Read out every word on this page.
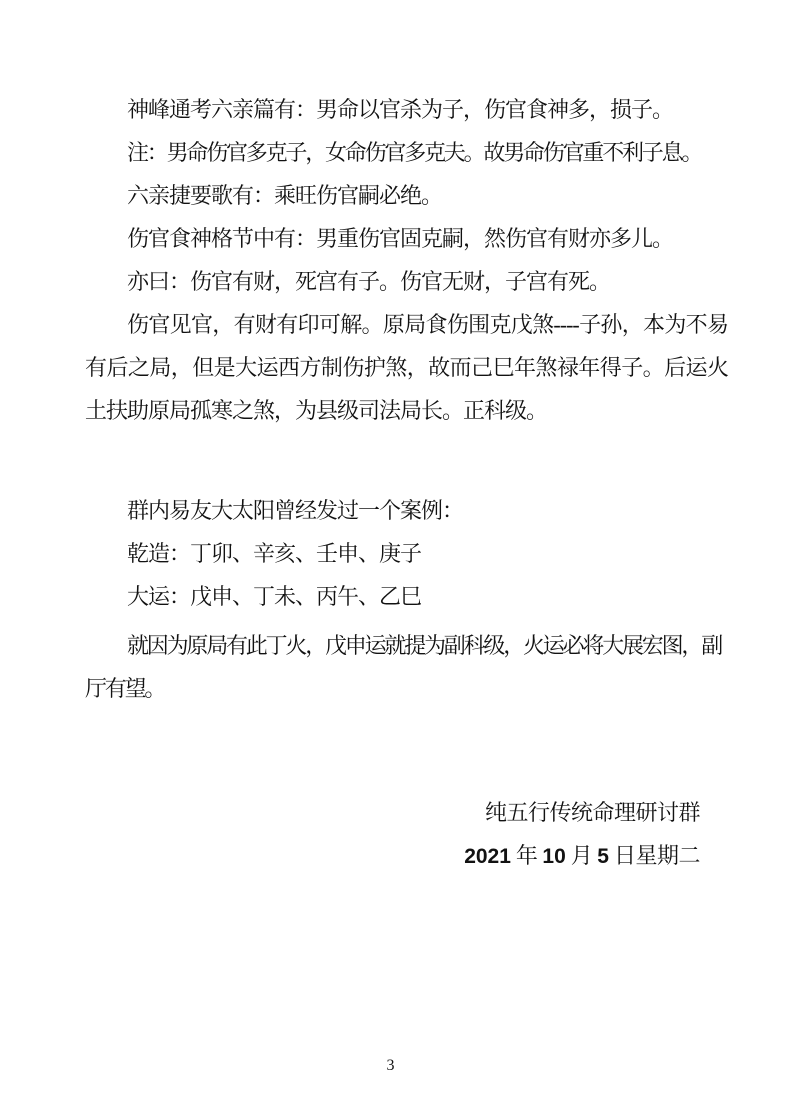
神峰通考六亲篇有：男命以官杀为子，伤官食神多，损子。

注：男命伤官多克子，女命伤官多克夫。故男命伤官重不利子息。

六亲捷要歌有：乘旺伤官嗣必绝。

伤官食神格节中有：男重伤官固克嗣，然伤官有财亦多儿。

亦曰：伤官有财，死宫有子。伤官无财，子宫有死。

伤官见官，有财有印可解。原局食伤围克戊煞----子孙，本为不易有后之局，但是大运西方制伤护煞，故而己巳年煞禄年得子。后运火土扶助原局孤寒之煞，为县级司法局长。正科级。

群内易友大太阳曾经发过一个案例：

乾造：丁卯、辛亥、壬申、庚子

大运：戊申、丁未、丙午、乙巳

就因为原局有此丁火，戊申运就提为副科级，火运必将大展宏图，副厅有望。

纯五行传统命理研讨群

2021 年 10 月 5 日星期二

3
